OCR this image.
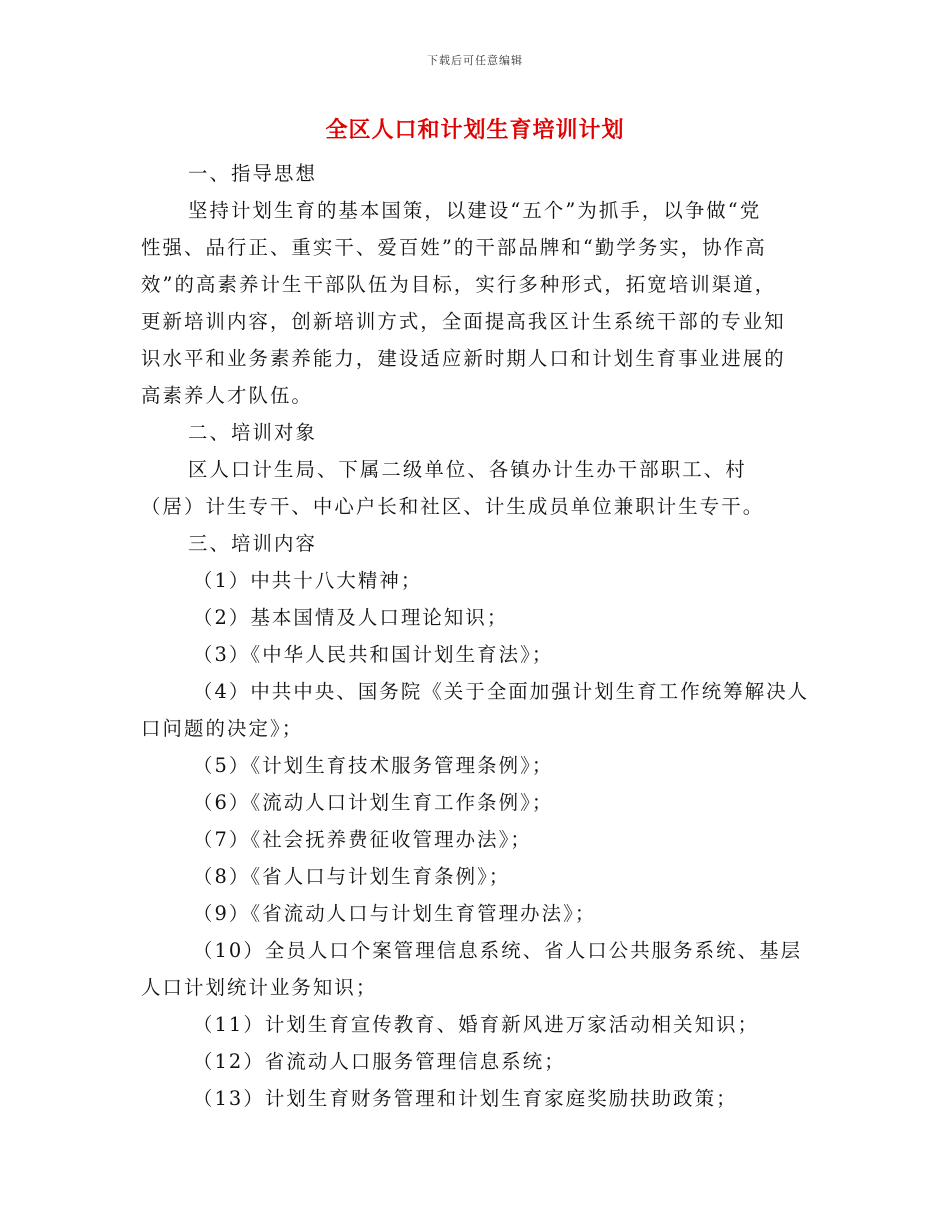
下载后可任意编辑
全区人口和计划生育培训计划
一、指导思想
坚持计划生育的基本国策，以建设“五个”为抓手，以争做“党
性强、品行正、重实干、爱百姓”的干部品牌和“勤学务实，协作高
效”的高素养计生干部队伍为目标，实行多种形式，拓宽培训渠道，
更新培训内容，创新培训方式，全面提高我区计生系统干部的专业知
识水平和业务素养能力，建设适应新时期人口和计划生育事业进展的
高素养人才队伍。
二、培训对象
区人口计生局、下属二级单位、各镇办计生办干部职工、村
（居）计生专干、中心户长和社区、计生成员单位兼职计生专干。
三、培训内容
（1）中共十八大精神；
（2）基本国情及人口理论知识；
（3）《中华人民共和国计划生育法》；
（4）中共中央、国务院《关于全面加强计划生育工作统筹解决人
口问题的决定》；
（5）《计划生育技术服务管理条例》；
（6）《流动人口计划生育工作条例》；
（7）《社会抚养费征收管理办法》；
（8）《省人口与计划生育条例》；
（9）《省流动人口与计划生育管理办法》；
（10）全员人口个案管理信息系统、省人口公共服务系统、基层
人口计划统计业务知识；
（11）计划生育宣传教育、婚育新风进万家活动相关知识；
（12）省流动人口服务管理信息系统；
（13）计划生育财务管理和计划生育家庭奖励扶助政策；
